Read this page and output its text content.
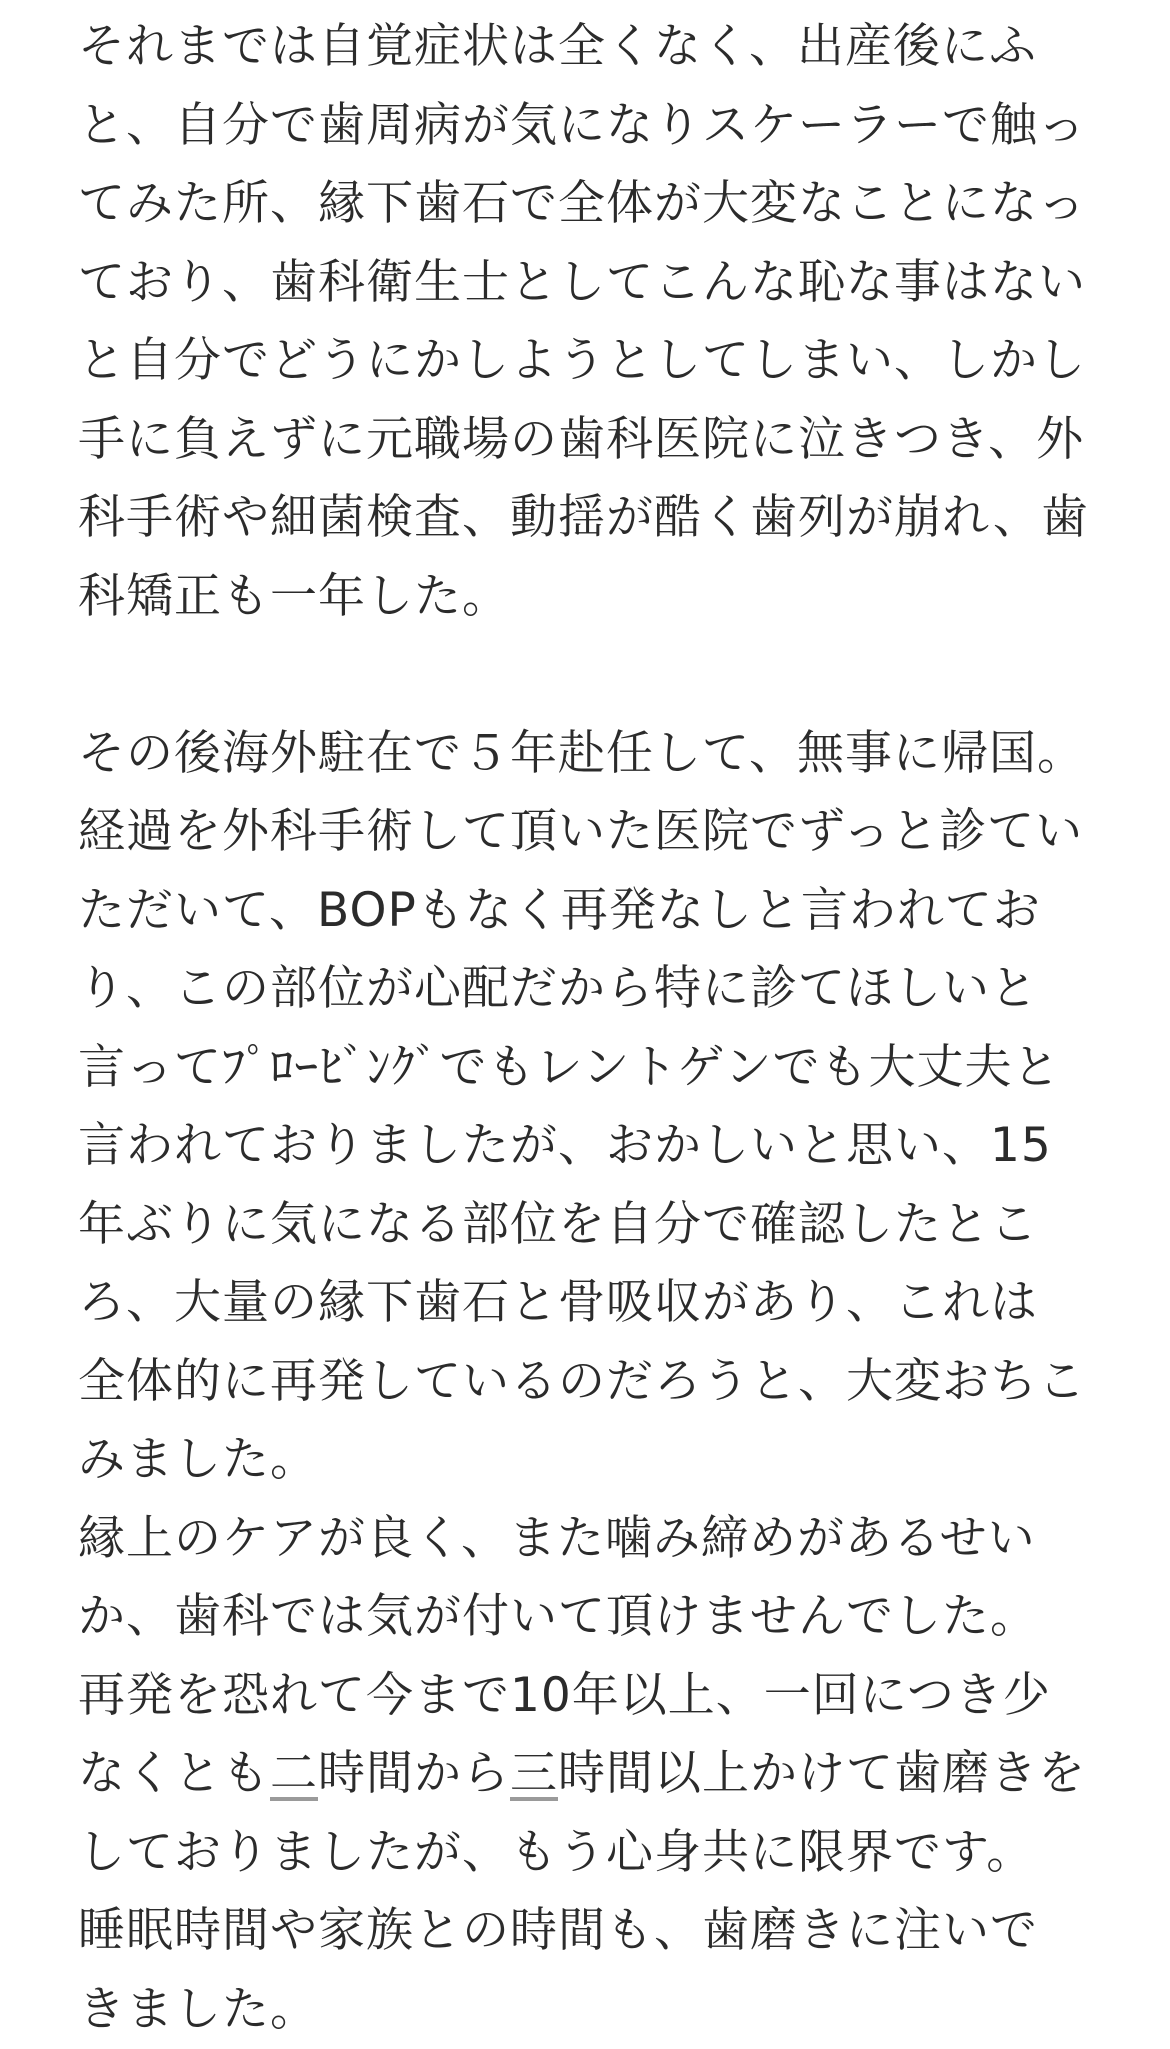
それまでは自覚症状は全くなく、出産後にふ
と、自分で歯周病が気になりスケーラーで触っ
てみた所、縁下歯石で全体が大変なことになっ
ており、歯科衛生士としてこんな恥な事はない
と自分でどうにかしようとしてしまい、しかし
手に負えずに元職場の歯科医院に泣きつき、外
科手術や細菌検査、動揺が酷く歯列が崩れ、歯
科矯正も一年した。
その後海外駐在で５年赴任して、無事に帰国。
経過を外科手術して頂いた医院でずっと診てい
ただいて、BOPもなく再発なしと言われてお
り、この部位が心配だから特に診てほしいと
言ってﾌﾟﾛｰﾋﾞﾝｸﾞでもレントゲンでも大丈夫と
言われておりましたが、おかしいと思い、15
年ぶりに気になる部位を自分で確認したとこ
ろ、大量の縁下歯石と骨吸収があり、これは
全体的に再発しているのだろうと、大変おちこ
みました。
縁上のケアが良く、また噛み締めがあるせい
か、歯科では気が付いて頂けませんでした。
再発を恐れて今まで10年以上、一回につき少
なくとも二時間から三時間以上かけて歯磨きを
しておりましたが、もう心身共に限界です。
睡眠時間や家族との時間も、歯磨きに注いで
きました。
